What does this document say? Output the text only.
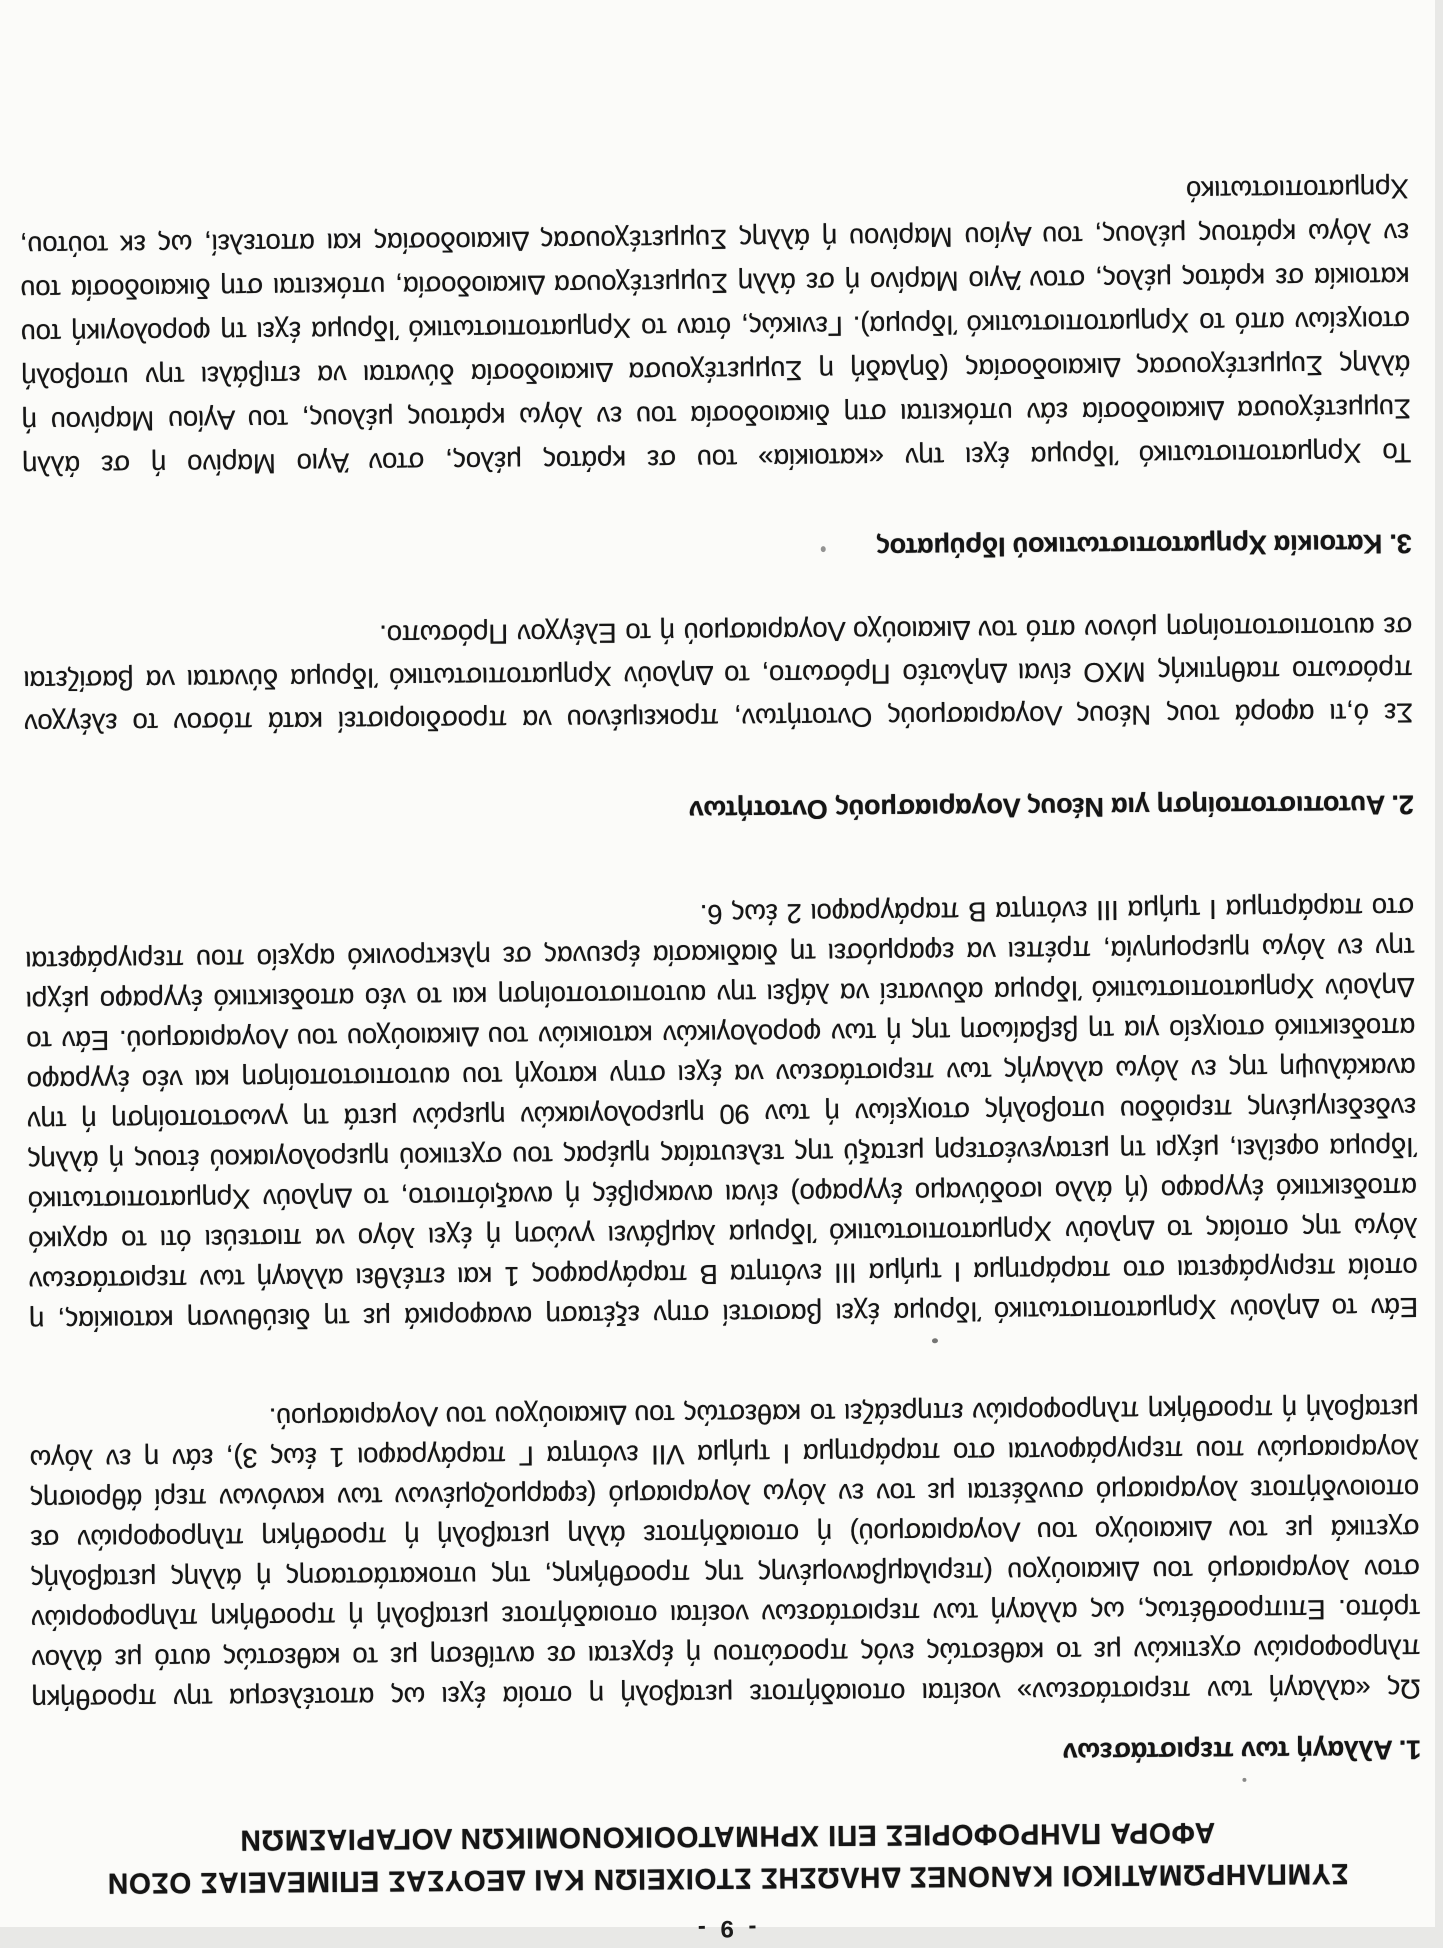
- 9 -
ΣΥΜΠΛΗΡΩΜΑΤΙΚΟΙ ΚΑΝΟΝΕΣ ΔΗΛΩΣΗΣ ΣΤΟΙΧΕΙΩΝ ΚΑΙ ΔΕΟΥΣΑΣ ΕΠΙΜΕΛΕΙΑΣ ΟΣΟΝ
ΑΦΟΡΑ ΠΛΗΡΟΦΟΡΙΕΣ ΕΠΙ ΧΡΗΜΑΤΟΟΙΚΟΝΟΜΙΚΩΝ ΛΟΓΑΡΙΑΣΜΩΝ
1. Αλλαγή των περιστάσεων

Ως «αλλαγή των περιστάσεων» νοείται οποιαδήποτε μεταβολή η οποία έχει ως αποτέλεσμα την προσθήκη πληροφοριών σχετικών με το καθεστώς ενός προσώπου ή έρχεται σε αντίθεση με το καθεστώς αυτό με άλλον τρόπο. Επιπροσθέτως, ως αλλαγή των περιστάσεων νοείται οποιαδήποτε μεταβολή ή προσθήκη πληροφοριών στον λογαριασμό του Δικαιούχου (περιλαμβανομένης της προσθήκης, της υποκατάστασης ή άλλης μεταβολής σχετικά με τον Δικαιούχο του Λογαριασμού) ή οποιαδήποτε άλλη μεταβολή ή προσθήκη πληροφοριών σε οποιονδήποτε λογαριασμό συνδέεται με τον εν λόγω λογαριασμό (εφαρμοζομένων των κανόνων περί άθροισης λογαριασμών που περιγράφονται στο παράρτημα Ι τμήμα VII ενότητα Γ παράγραφοι 1 έως 3), εάν η εν λόγω μεταβολή ή προσθήκη πληροφοριών επηρεάζει το καθεστώς του Δικαιούχου του Λογαριασμού.

Εάν το Δηλούν Χρηματοπιστωτικό Ίδρυμα έχει βασιστεί στην εξέταση αναφορικά με τη διεύθυνση κατοικίας, η οποία περιγράφεται στο παράρτημα Ι τμήμα ΙΙΙ ενότητα Β παράγραφος 1 και επέλθει αλλαγή των περιστάσεων λόγω της οποίας το Δηλούν Χρηματοπιστωτικό Ίδρυμα λαμβάνει γνώση ή έχει λόγο να πιστεύει ότι το αρχικό αποδεικτικό έγγραφο (ή άλλο ισοδύναμο έγγραφο) είναι ανακριβές ή αναξιόπιστο, το Δηλούν Χρηματοπιστωτικό Ίδρυμα οφείλει, μέχρι τη μεταγενέστερη μεταξύ της τελευταίας ημέρας του σχετικού ημερολογιακού έτους ή άλλης ενδεδειγμένης περιόδου υποβολής στοιχείων ή των 90 ημερολογιακών ημερών μετά τη γνωστοποίηση ή την ανακάλυψη της εν λόγω αλλαγής των περιστάσεων να έχει στην κατοχή του αυτοπιστοποίηση και νέο έγγραφο αποδεικτικό στοιχείο για τη βεβαίωση της ή των φορολογικών κατοικιών του Δικαιούχου του Λογαριασμού. Εάν το Δηλούν Χρηματοπιστωτικό Ίδρυμα αδυνατεί να λάβει την αυτοπιστοποίηση και το νέο αποδεικτικό έγγραφο μέχρι την εν λόγω ημερομηνία, πρέπει να εφαρμόσει τη διαδικασία έρευνας σε ηλεκτρονικό αρχείο που περιγράφεται στο παράρτημα Ι τμήμα ΙΙΙ ενότητα Β παράγραφοι 2 έως 6.

2. Αυτοπιστοποίηση για Νέους Λογαριασμούς Οντοτήτων

Σε ό,τι αφορά τους Νέους Λογαριασμούς Οντοτήτων, προκειμένου να προσδιοριστεί κατά πόσον το ελέγχον πρόσωπο παθητικής ΜΧΟ είναι Δηλωτέο Πρόσωπο, το Δηλούν Χρηματοπιστωτικό Ίδρυμα δύναται να βασίζεται σε αυτοπιστοποίηση μόνον από τον Δικαιούχο Λογαριασμού ή το Ελέγχον Πρόσωπο.

3. Κατοικία Χρηματοπιστωτικού Ιδρύματος

Το Χρηματοπιστωτικό Ίδρυμα έχει την «κατοικία» του σε κράτος μέλος, στον Άγιο Μαρίνο ή σε άλλη Συμμετέχουσα Δικαιοδοσία εάν υπόκειται στη δικαιοδοσία του εν λόγω κράτους μέλους, του Αγίου Μαρίνου ή άλλης Συμμετέχουσας Δικαιοδοσίας (δηλαδή η Συμμετέχουσα Δικαιοδοσία δύναται να επιβάλει την υποβολή στοιχείων από το Χρηματοπιστωτικό Ίδρυμα). Γενικώς, όταν το Χρηματοπιστωτικό Ίδρυμα έχει τη φορολογική του κατοικία σε κράτος μέλος, στον Άγιο Μαρίνο ή σε άλλη Συμμετέχουσα Δικαιοδοσία, υπόκειται στη δικαιοδοσία του εν λόγω κράτους μέλους, του Αγίου Μαρίνου ή άλλης Συμμετέχουσας Δικαιοδοσίας και αποτελεί, ως εκ τούτου, Χρηματοπιστωτικό
